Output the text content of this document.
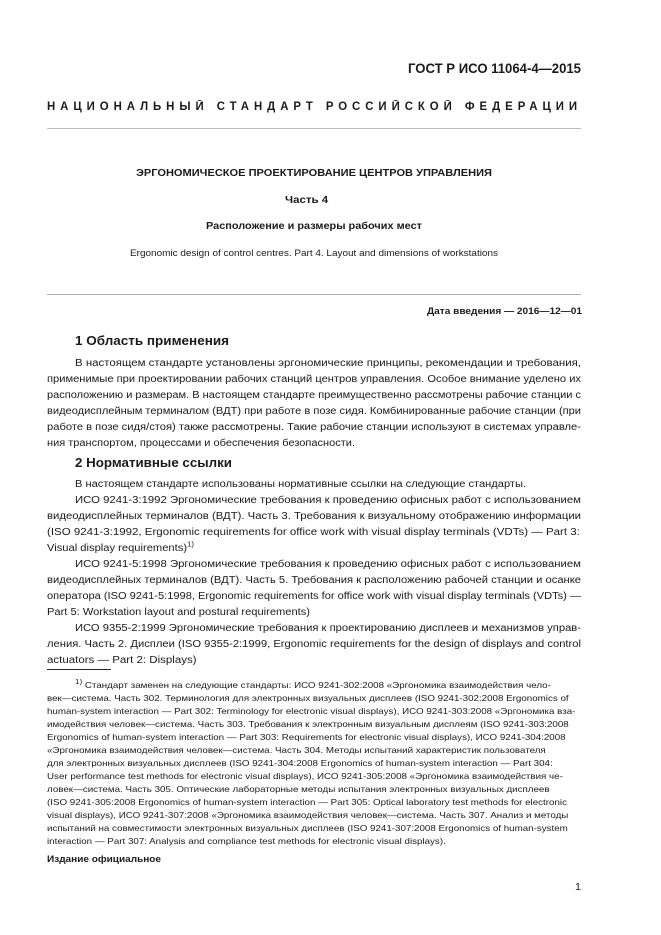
ГОСТ Р ИСО 11064-4—2015
НАЦИОНАЛЬНЫЙ СТАНДАРТ РОССИЙСКОЙ ФЕДЕРАЦИИ
ЭРГОНОМИЧЕСКОЕ ПРОЕКТИРОВАНИЕ ЦЕНТРОВ УПРАВЛЕНИЯ
Часть 4
Расположение и размеры рабочих мест
Ergonomic design of control centres. Part 4. Layout and dimensions of workstations
Дата введения — 2016—12—01
1 Область применения
В настоящем стандарте установлены эргономические принципы, рекомендации и требования,
применимые при проектировании рабочих станций центров управления. Особое внимание уделено их
расположению и размерам. В настоящем стандарте преимущественно рассмотрены рабочие станции с
видеодисплейным терминалом (ВДТ) при работе в позе сидя. Комбинированные рабочие станции (при
работе в позе сидя/стоя) также рассмотрены. Такие рабочие станции используют в системах управле-
ния транспортом, процессами и обеспечения безопасности.
2 Нормативные ссылки
В настоящем стандарте использованы нормативные ссылки на следующие стандарты.
ИСО 9241-3:1992 Эргономические требования к проведению офисных работ с использованием
видеодисплейных терминалов (ВДТ). Часть 3. Требования к визуальному отображению информации
(ISO 9241-3:1992, Ergonomic requirements for office work with visual display terminals (VDTs) — Part 3:
Visual display requirements)$^{1)}$
ИСО 9241-5:1998 Эргономические требования к проведению офисных работ с использованием
видеодисплейных терминалов (ВДТ). Часть 5. Требования к расположению рабочей станции и осанке
оператора (ISO 9241-5:1998, Ergonomic requirements for office work with visual display terminals (VDTs) —
Part 5: Workstation layout and postural requirements)
ИСО 9355-2:1999 Эргономические требования к проектированию дисплеев и механизмов управ-
ления. Часть 2. Дисплеи (ISO 9355-2:1999, Ergonomic requirements for the design of displays and control
actuators — Part 2: Displays)
$^{1)}$ Стандарт заменен на следующие стандарты: ИСО 9241-302:2008 «Эргономика взаимодействия чело-
век—система. Часть 302. Терминология для электронных визуальных дисплеев (ISO 9241-302:2008 Ergonomics of
human-system interaction — Part 302: Terminology for electronic visual displays), ИСО 9241-303:2008 «Эргономика вза-
имодействия человек—система. Часть 303. Требования к электронным визуальным дисплеям (ISO 9241-303:2008
Ergonomics of human-system interaction — Part 303: Requirements for electronic visual displays), ИСО 9241-304:2008
«Эргономика взаимодействия человек—система. Часть 304. Методы испытаний характеристик пользователя
для электронных визуальных дисплеев (ISO 9241-304:2008 Ergonomics of human-system interaction — Part 304:
User performance test methods for electronic visual displays), ИСО 9241-305:2008 «Эргономика взаимодействия че-
ловек—система. Часть 305. Оптические лабораторные методы испытания электронных визуальных дисплеев
(ISO 9241-305:2008 Ergonomics of human-system interaction — Part 305: Optical laboratory test methods for electronic
visual displays), ИСО 9241-307:2008 «Эргономика взаимодействия человек—система. Часть 307. Анализ и методы
испытаний на совместимости электронных визуальных дисплеев (ISO 9241-307:2008 Ergonomics of human-system
interaction — Part 307: Analysis and compliance test methods for electronic visual displays).
Издание официальное
1
